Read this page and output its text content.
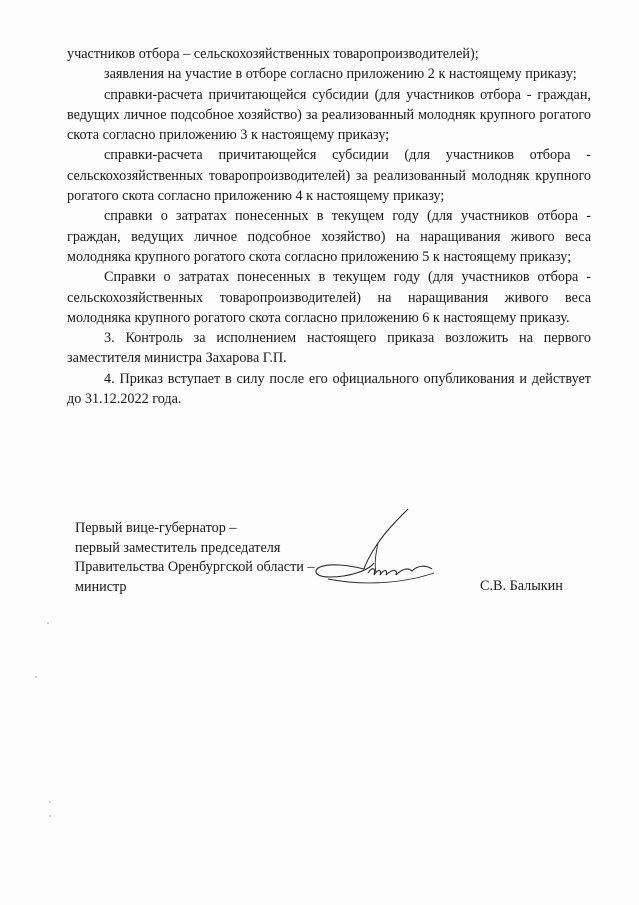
участников отбора – сельскохозяйственных товаропроизводителей);

заявления на участие в отборе согласно приложению 2 к настоящему приказу;

справки-расчета причитающейся субсидии (для участников отбора - граждан, ведущих личное подсобное хозяйство) за реализованный молодняк крупного рогатого скота согласно приложению 3 к настоящему приказу;

справки-расчета причитающейся субсидии (для участников отбора - сельскохозяйственных товаропроизводителей) за реализованный молодняк крупного рогатого скота согласно приложению 4 к настоящему приказу;

справки о затратах понесенных в текущем году (для участников отбора - граждан, ведущих личное подсобное хозяйство) на наращивания живого веса молодняка крупного рогатого скота согласно приложению 5 к настоящему приказу;

Справки о затратах понесенных в текущем году (для участников отбора - сельскохозяйственных товаропроизводителей) на наращивания живого веса молодняка крупного рогатого скота согласно приложению 6 к настоящему приказу.

3. Контроль за исполнением настоящего приказа возложить на первого заместителя министра Захарова Г.П.

4. Приказ вступает в силу после его официального опубликования и действует до 31.12.2022 года.

Первый вице-губернатор –
первый заместитель председателя
Правительства Оренбургской области –
министр	С.В. Балыкин
